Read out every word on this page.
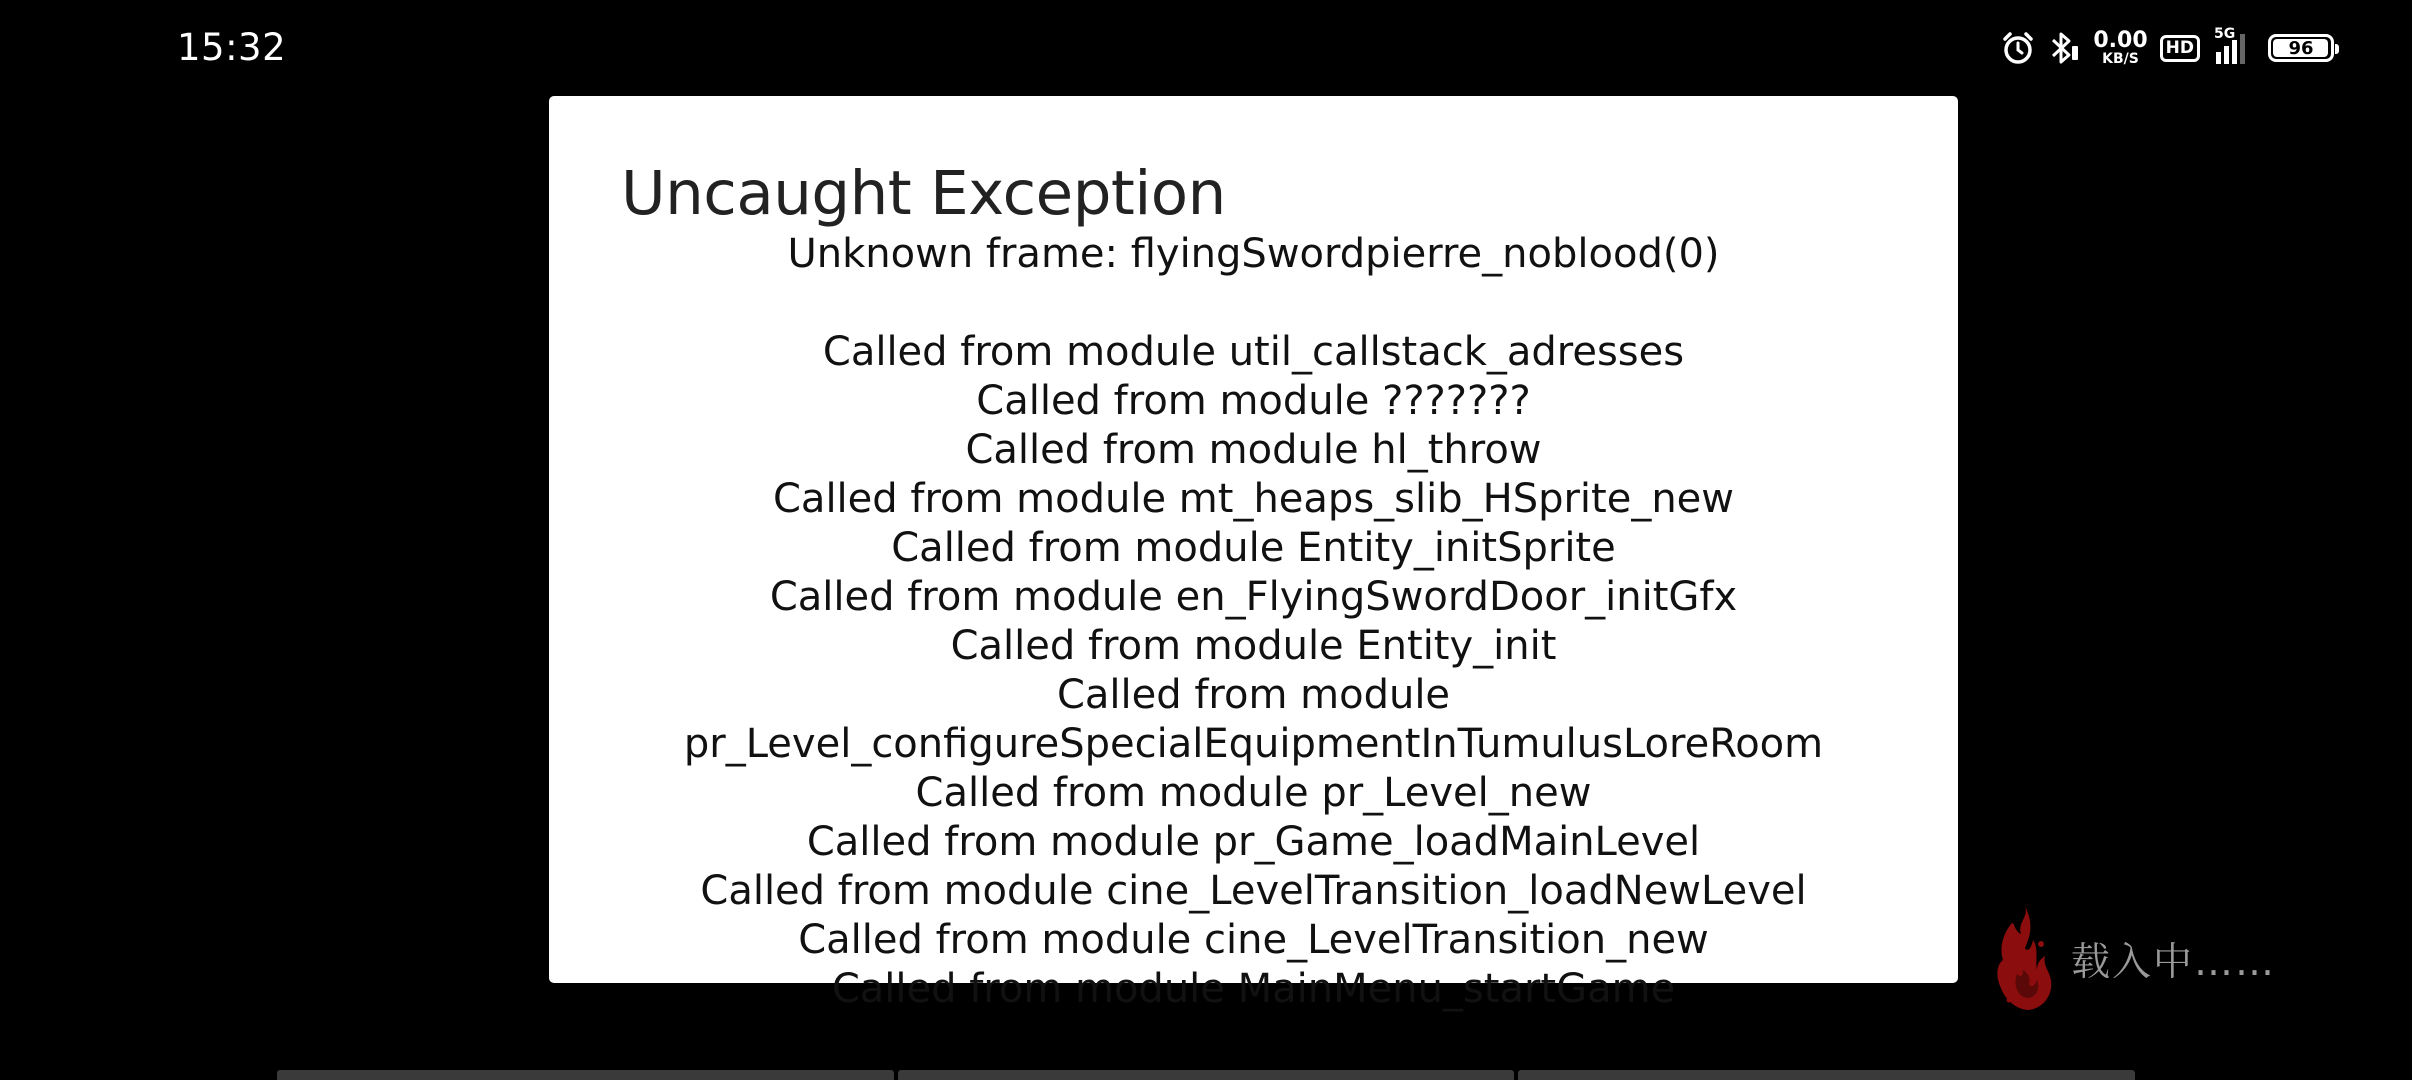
15:32	0.00
KB/S
HD
5G
96
Uncaught Exception

Unknown frame: flyingSwordpierre_noblood(0)

Called from module util_callstack_adresses

Called from module ???????

Called from module hl_throw

Called from module mt_heaps_slib_HSprite_new

Called from module Entity_initSprite

Called from module en_FlyingSwordDoor_initGfx

Called from module Entity_init

Called from module

pr_Level_configureSpecialEquipmentInTumulusLoreRoom

Called from module pr_Level_new

Called from module pr_Game_loadMainLevel

Called from module cine_LevelTransition_loadNewLevel

Called from module cine_LevelTransition_new

Called from module MainMenu_startGame

载入中……
